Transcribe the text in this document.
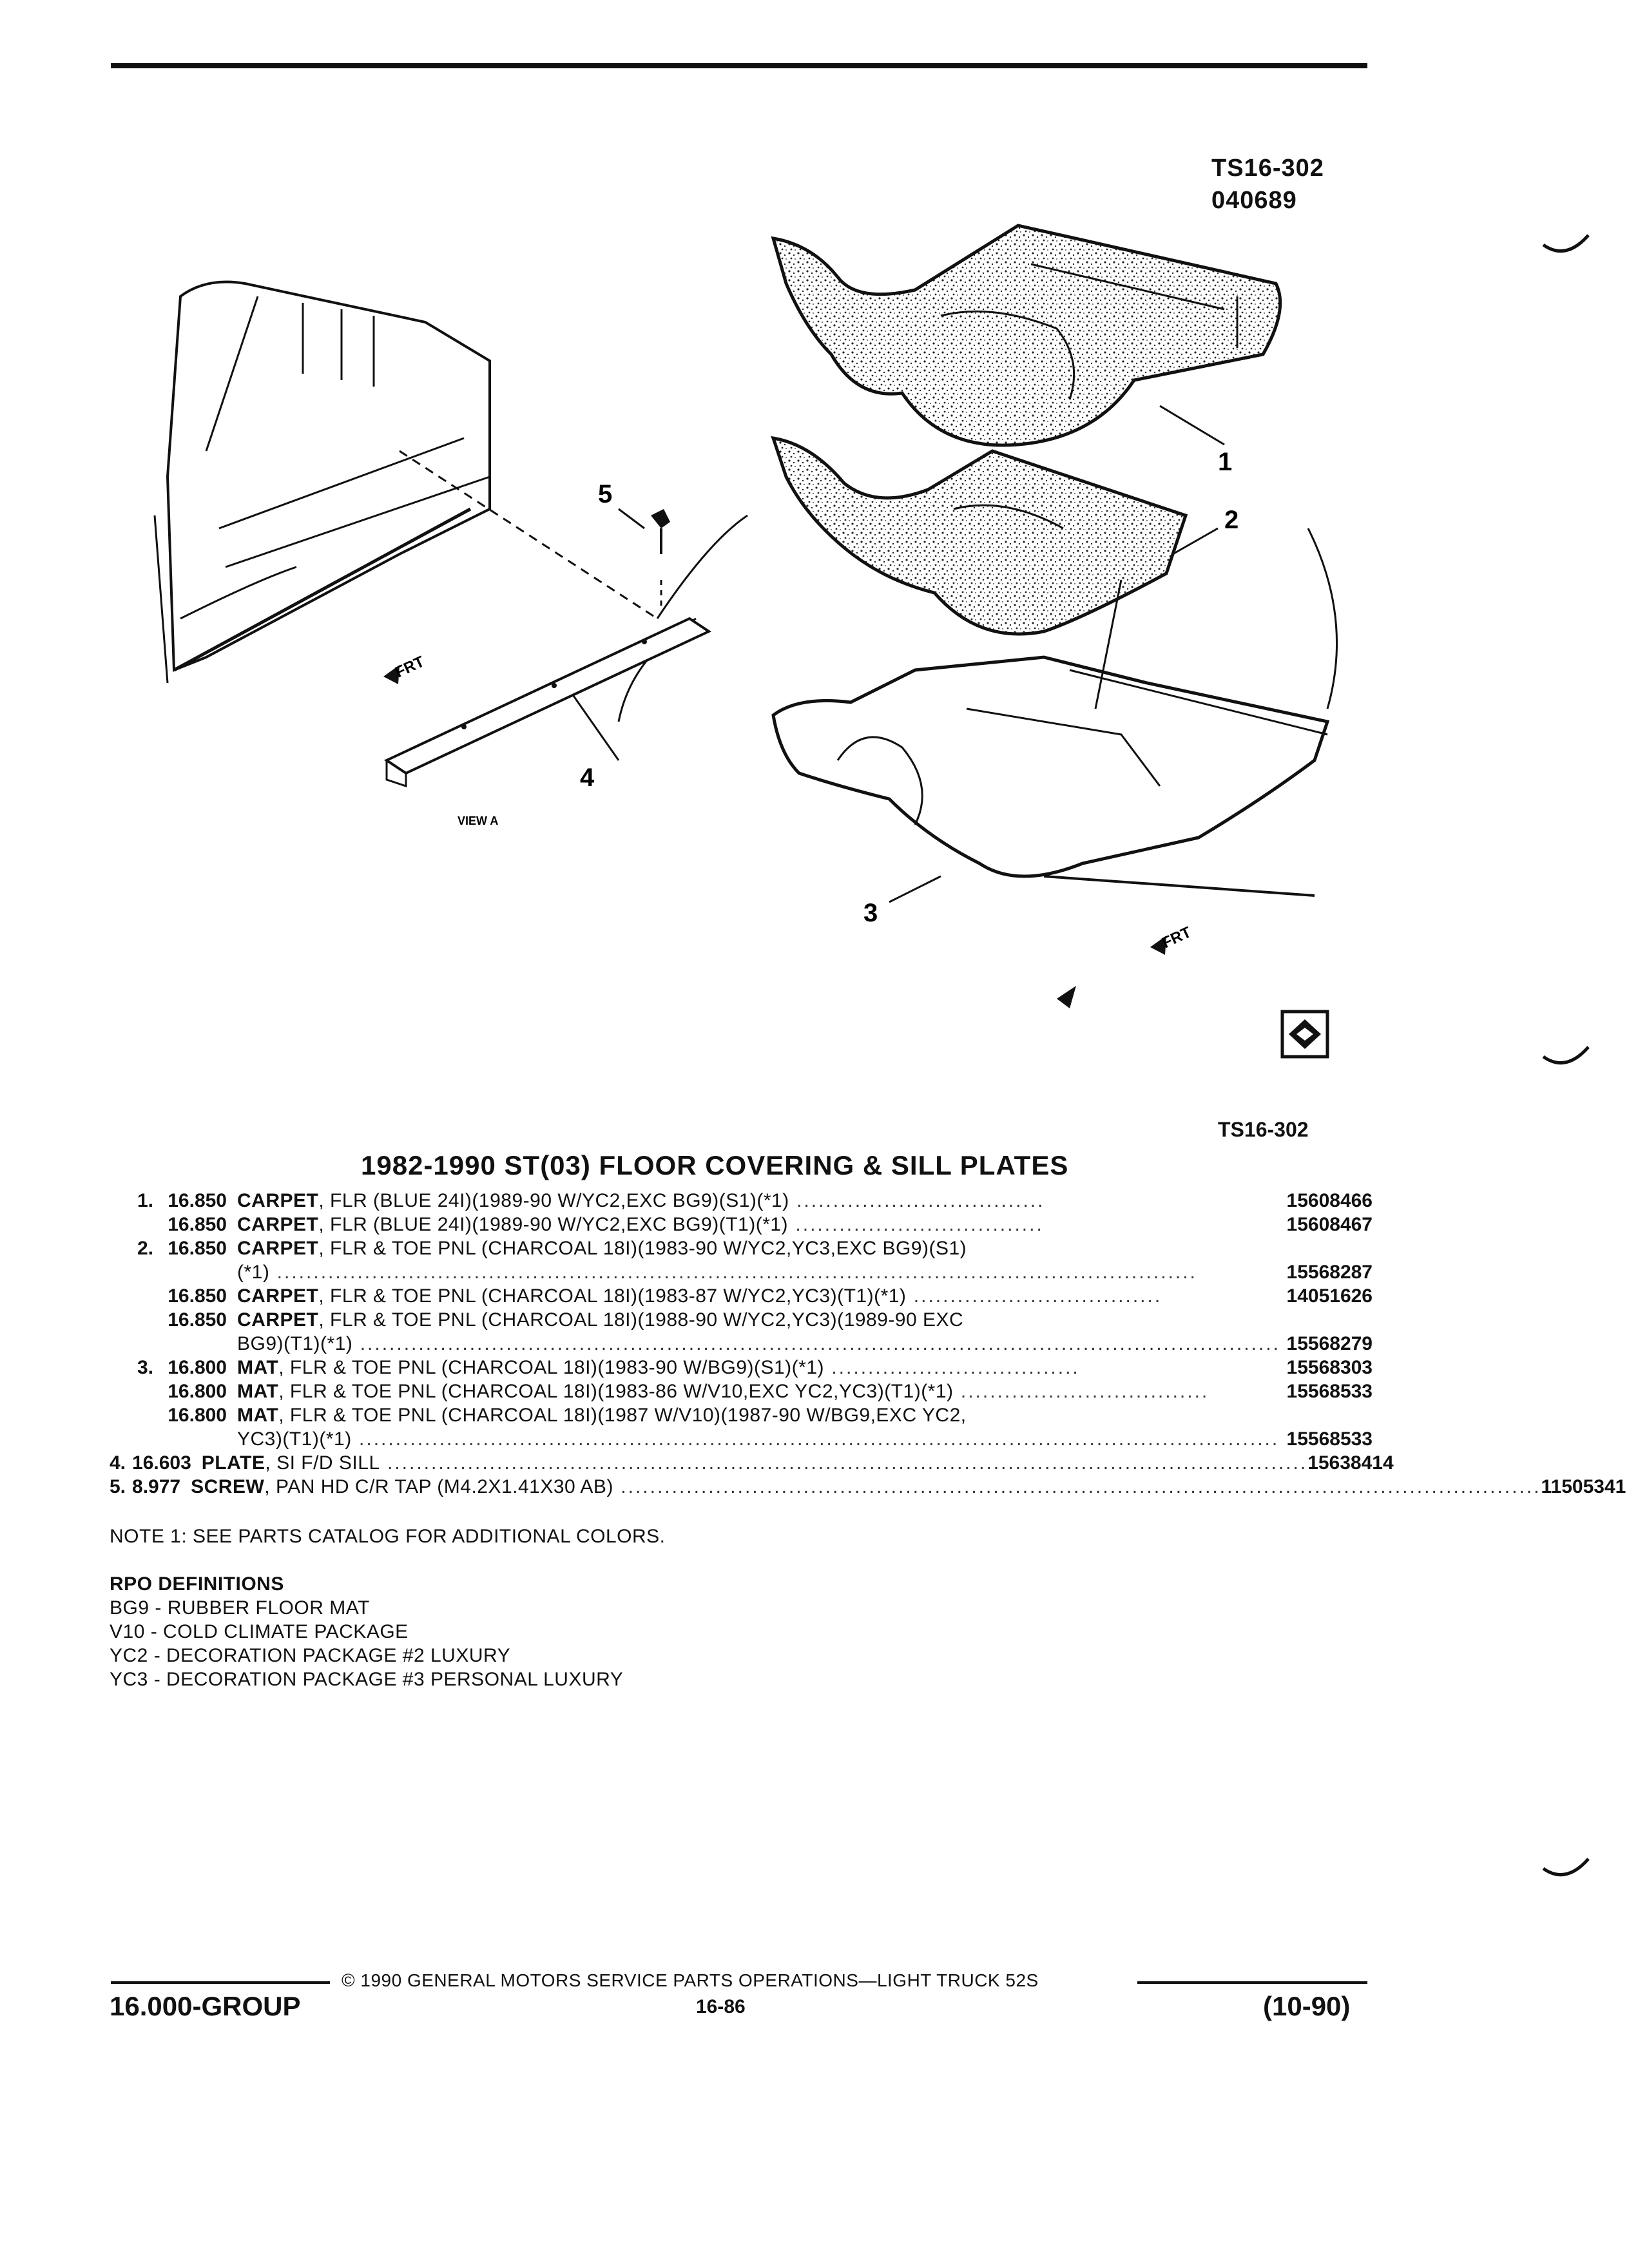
TS16-302
040689
1
2
3
4
5
FRT
FRT
VIEW A
TS16-302
1982-1990 ST(03) FLOOR COVERING & SILL PLATES
1. 16.850 CARPET, FLR (BLUE 24I)(1989-90 W/YC2,EXC BG9)(S1)(*1) ..................................	15608466
16.850 CARPET, FLR (BLUE 24I)(1989-90 W/YC2,EXC BG9)(T1)(*1) ..................................	15608467
2. 16.850 CARPET, FLR & TOE PNL (CHARCOAL 18I)(1983-90 W/YC2,YC3,EXC BG9)(S1)
(*1) ..............................................................................................................................	15568287
16.850 CARPET, FLR & TOE PNL (CHARCOAL 18I)(1983-87 W/YC2,YC3)(T1)(*1) ..................................	14051626
16.850 CARPET, FLR & TOE PNL (CHARCOAL 18I)(1988-90 W/YC2,YC3)(1989-90 EXC
BG9)(T1)(*1) .............................................................................................................................. 15568279
3. 16.800 MAT, FLR & TOE PNL (CHARCOAL 18I)(1983-90 W/BG9)(S1)(*1) ..................................	15568303
16.800 MAT, FLR & TOE PNL (CHARCOAL 18I)(1983-86 W/V10,EXC YC2,YC3)(T1)(*1) ..................................	15568533
16.800 MAT, FLR & TOE PNL (CHARCOAL 18I)(1987 W/V10)(1987-90 W/BG9,EXC YC2,
YC3)(T1)(*1) .............................................................................................................................. 15568533
4. 16.603 PLATE, SI F/D SILL .............................................................................................................................. 15638414
5. 8.977 SCREW, PAN HD C/R TAP (M4.2X1.41X30 AB) .............................................................................................................................. 11505341
NOTE 1: SEE PARTS CATALOG FOR ADDITIONAL COLORS.
RPO DEFINITIONS
BG9 - RUBBER FLOOR MAT
V10 - COLD CLIMATE PACKAGE
YC2 - DECORATION PACKAGE #2 LUXURY
YC3 - DECORATION PACKAGE #3 PERSONAL LUXURY
© 1990 GENERAL MOTORS SERVICE PARTS OPERATIONS—LIGHT TRUCK 52S
16.000-GROUP	16-86	(10-90)
